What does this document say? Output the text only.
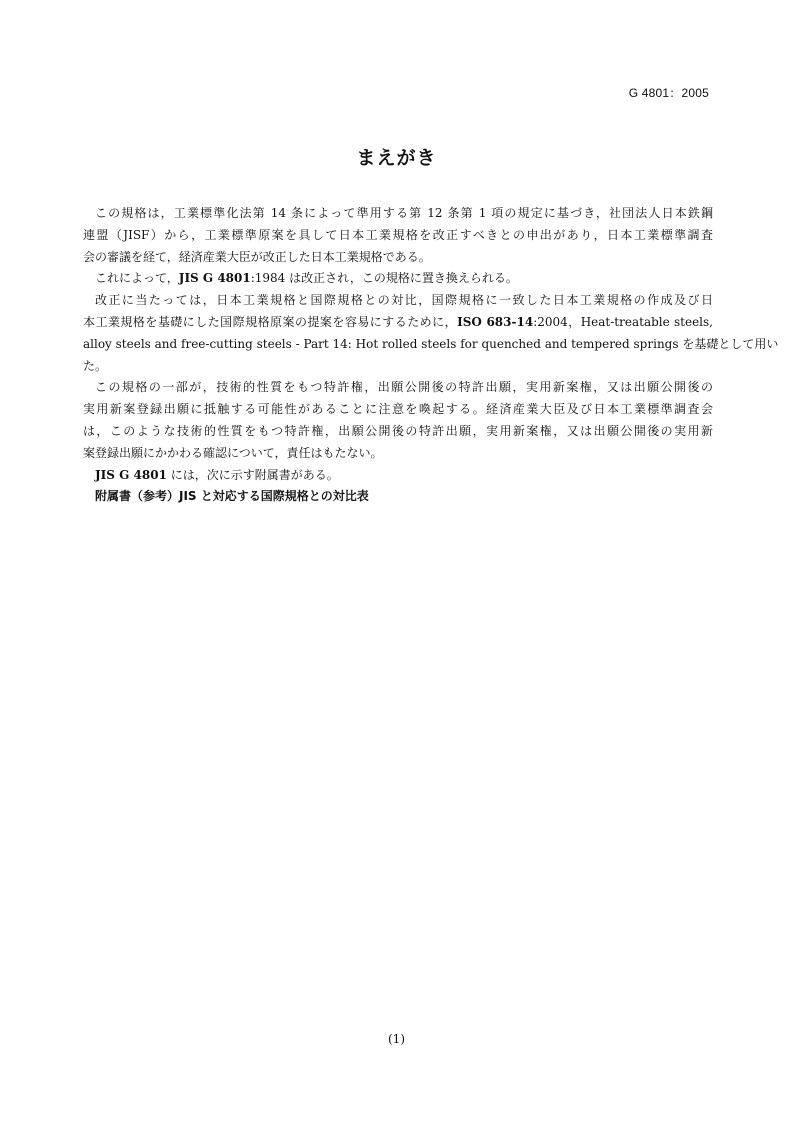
G 4801：2005
まえがき
この規格は，工業標準化法第 14 条によって準用する第 12 条第 1 項の規定に基づき，社団法人日本鉄鋼
連盟（JISF）から，工業標準原案を具して日本工業規格を改正すべきとの申出があり，日本工業標準調査
会の審議を経て，経済産業大臣が改正した日本工業規格である。
これによって，JIS G 4801:1984 は改正され，この規格に置き換えられる。
改正に当たっては，日本工業規格と国際規格との対比，国際規格に一致した日本工業規格の作成及び日
本工業規格を基礎にした国際規格原案の提案を容易にするために，ISO 683-14:2004，Heat-treatable steels,
alloy steels and free-cutting steels - Part 14: Hot rolled steels for quenched and tempered springs を基礎として用い
た。
この規格の一部が，技術的性質をもつ特許権，出願公開後の特許出願，実用新案権，又は出願公開後の
実用新案登録出願に抵触する可能性があることに注意を喚起する。経済産業大臣及び日本工業標準調査会
は，このような技術的性質をもつ特許権，出願公開後の特許出願，実用新案権，又は出願公開後の実用新
案登録出願にかかわる確認について，責任はもたない。
JIS G 4801 には，次に示す附属書がある。
附属書（参考）JIS と対応する国際規格との対比表
(1)
